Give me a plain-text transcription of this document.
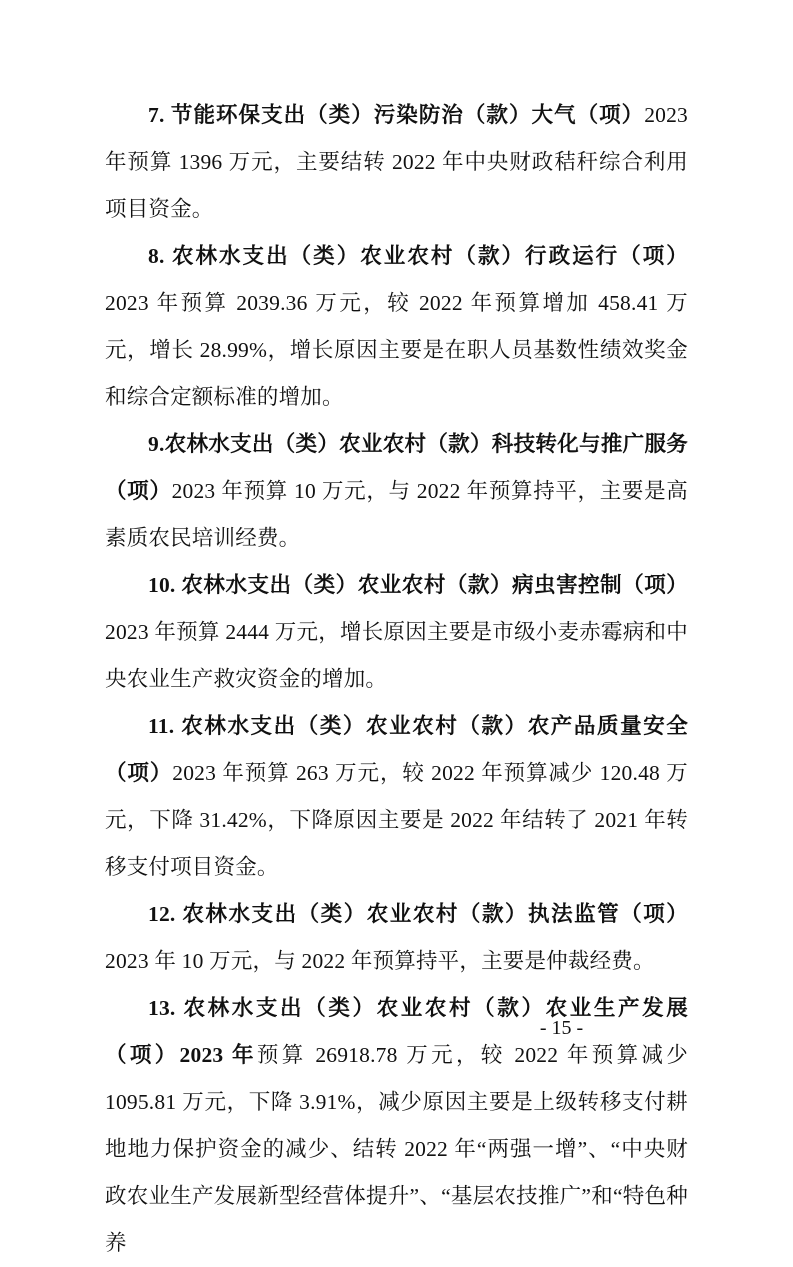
7. 节能环保支出（类）污染防治（款）大气（项）2023 年预算 1396 万元，主要结转 2022 年中央财政秸秆综合利用项目资金。

8. 农林水支出（类）农业农村（款）行政运行（项）2023 年预算 2039.36 万元，较 2022 年预算增加 458.41 万元，增长 28.99%，增长原因主要是在职人员基数性绩效奖金和综合定额标准的增加。

9.农林水支出（类）农业农村（款）科技转化与推广服务（项）2023 年预算 10 万元，与 2022 年预算持平，主要是高素质农民培训经费。

10. 农林水支出（类）农业农村（款）病虫害控制（项）2023 年预算 2444 万元，增长原因主要是市级小麦赤霉病和中央农业生产救灾资金的增加。

11. 农林水支出（类）农业农村（款）农产品质量安全（项）2023 年预算 263 万元，较 2022 年预算减少 120.48 万元，下降 31.42%，下降原因主要是 2022 年结转了 2021 年转移支付项目资金。

12. 农林水支出（类）农业农村（款）执法监管（项）2023 年 10 万元，与 2022 年预算持平，主要是仲裁经费。

13. 农林水支出（类）农业农村（款）农业生产发展（项）2023 年预算 26918.78 万元，较 2022 年预算减少 1095.81 万元，下降 3.91%，减少原因主要是上级转移支付耕地地力保护资金的减少、结转 2022 年“两强一增”、“中央财政农业生产发展新型经营体提升”、“基层农技推广”和“特色种养

- 15 -
